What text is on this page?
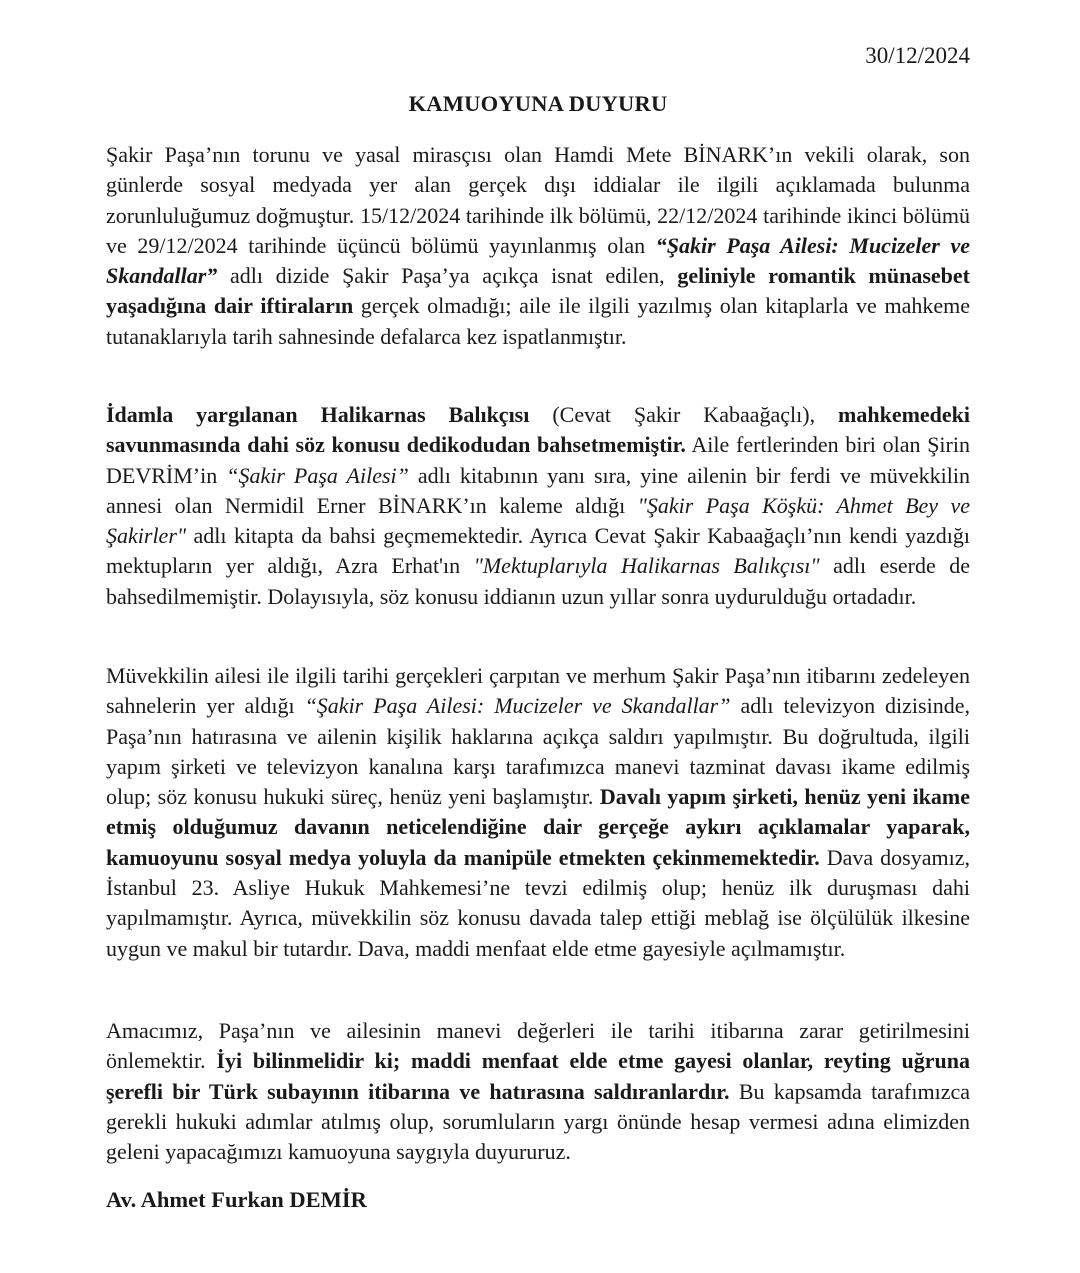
30/12/2024
KAMUOYUNA DUYURU

Şakir Paşa’nın torunu ve yasal mirasçısı olan Hamdi Mete BİNARK’ın vekili olarak, son günlerde sosyal medyada yer alan gerçek dışı iddialar ile ilgili açıklamada bulunma zorunluluğumuz doğmuştur. 15/12/2024 tarihinde ilk bölümü, 22/12/2024 tarihinde ikinci bölümü ve 29/12/2024 tarihinde üçüncü bölümü yayınlanmış olan “Şakir Paşa Ailesi: Mucizeler ve Skandallar” adlı dizide Şakir Paşa’ya açıkça isnat edilen, geliniyle romantik münasebet yaşadığına dair iftiraların gerçek olmadığı; aile ile ilgili yazılmış olan kitaplarla ve mahkeme tutanaklarıyla tarih sahnesinde defalarca kez ispatlanmıştır.

İdamla yargılanan Halikarnas Balıkçısı (Cevat Şakir Kabaağaçlı), mahkemedeki savunmasında dahi söz konusu dedikodudan bahsetmemiştir. Aile fertlerinden biri olan Şirin DEVRİM’in “Şakir Paşa Ailesi” adlı kitabının yanı sıra, yine ailenin bir ferdi ve müvekkilin annesi olan Nermidil Erner BİNARK’ın kaleme aldığı "Şakir Paşa Köşkü: Ahmet Bey ve Şakirler" adlı kitapta da bahsi geçmemektedir. Ayrıca Cevat Şakir Kabaağaçlı’nın kendi yazdığı mektupların yer aldığı, Azra Erhat'ın "Mektuplarıyla Halikarnas Balıkçısı" adlı eserde de bahsedilmemiştir. Dolayısıyla, söz konusu iddianın uzun yıllar sonra uydurulduğu ortadadır.

Müvekkilin ailesi ile ilgili tarihi gerçekleri çarpıtan ve merhum Şakir Paşa’nın itibarını zedeleyen sahnelerin yer aldığı “Şakir Paşa Ailesi: Mucizeler ve Skandallar” adlı televizyon dizisinde, Paşa’nın hatırasına ve ailenin kişilik haklarına açıkça saldırı yapılmıştır. Bu doğrultuda, ilgili yapım şirketi ve televizyon kanalına karşı tarafımızca manevi tazminat davası ikame edilmiş olup; söz konusu hukuki süreç, henüz yeni başlamıştır. Davalı yapım şirketi, henüz yeni ikame etmiş olduğumuz davanın neticelendiğine dair gerçeğe aykırı açıklamalar yaparak, kamuoyunu sosyal medya yoluyla da manipüle etmekten çekinmemektedir. Dava dosyamız, İstanbul 23. Asliye Hukuk Mahkemesi’ne tevzi edilmiş olup; henüz ilk duruşması dahi yapılmamıştır. Ayrıca, müvekkilin söz konusu davada talep ettiği meblağ ise ölçülülük ilkesine uygun ve makul bir tutardır. Dava, maddi menfaat elde etme gayesiyle açılmamıştır.

Amacımız, Paşa’nın ve ailesinin manevi değerleri ile tarihi itibarına zarar getirilmesini önlemektir. İyi bilinmelidir ki; maddi menfaat elde etme gayesi olanlar, reyting uğruna şerefli bir Türk subayının itibarına ve hatırasına saldıranlardır. Bu kapsamda tarafımızca gerekli hukuki adımlar atılmış olup, sorumluların yargı önünde hesap vermesi adına elimizden geleni yapacağımızı kamuoyuna saygıyla duyururuz.

Av. Ahmet Furkan DEMİR
